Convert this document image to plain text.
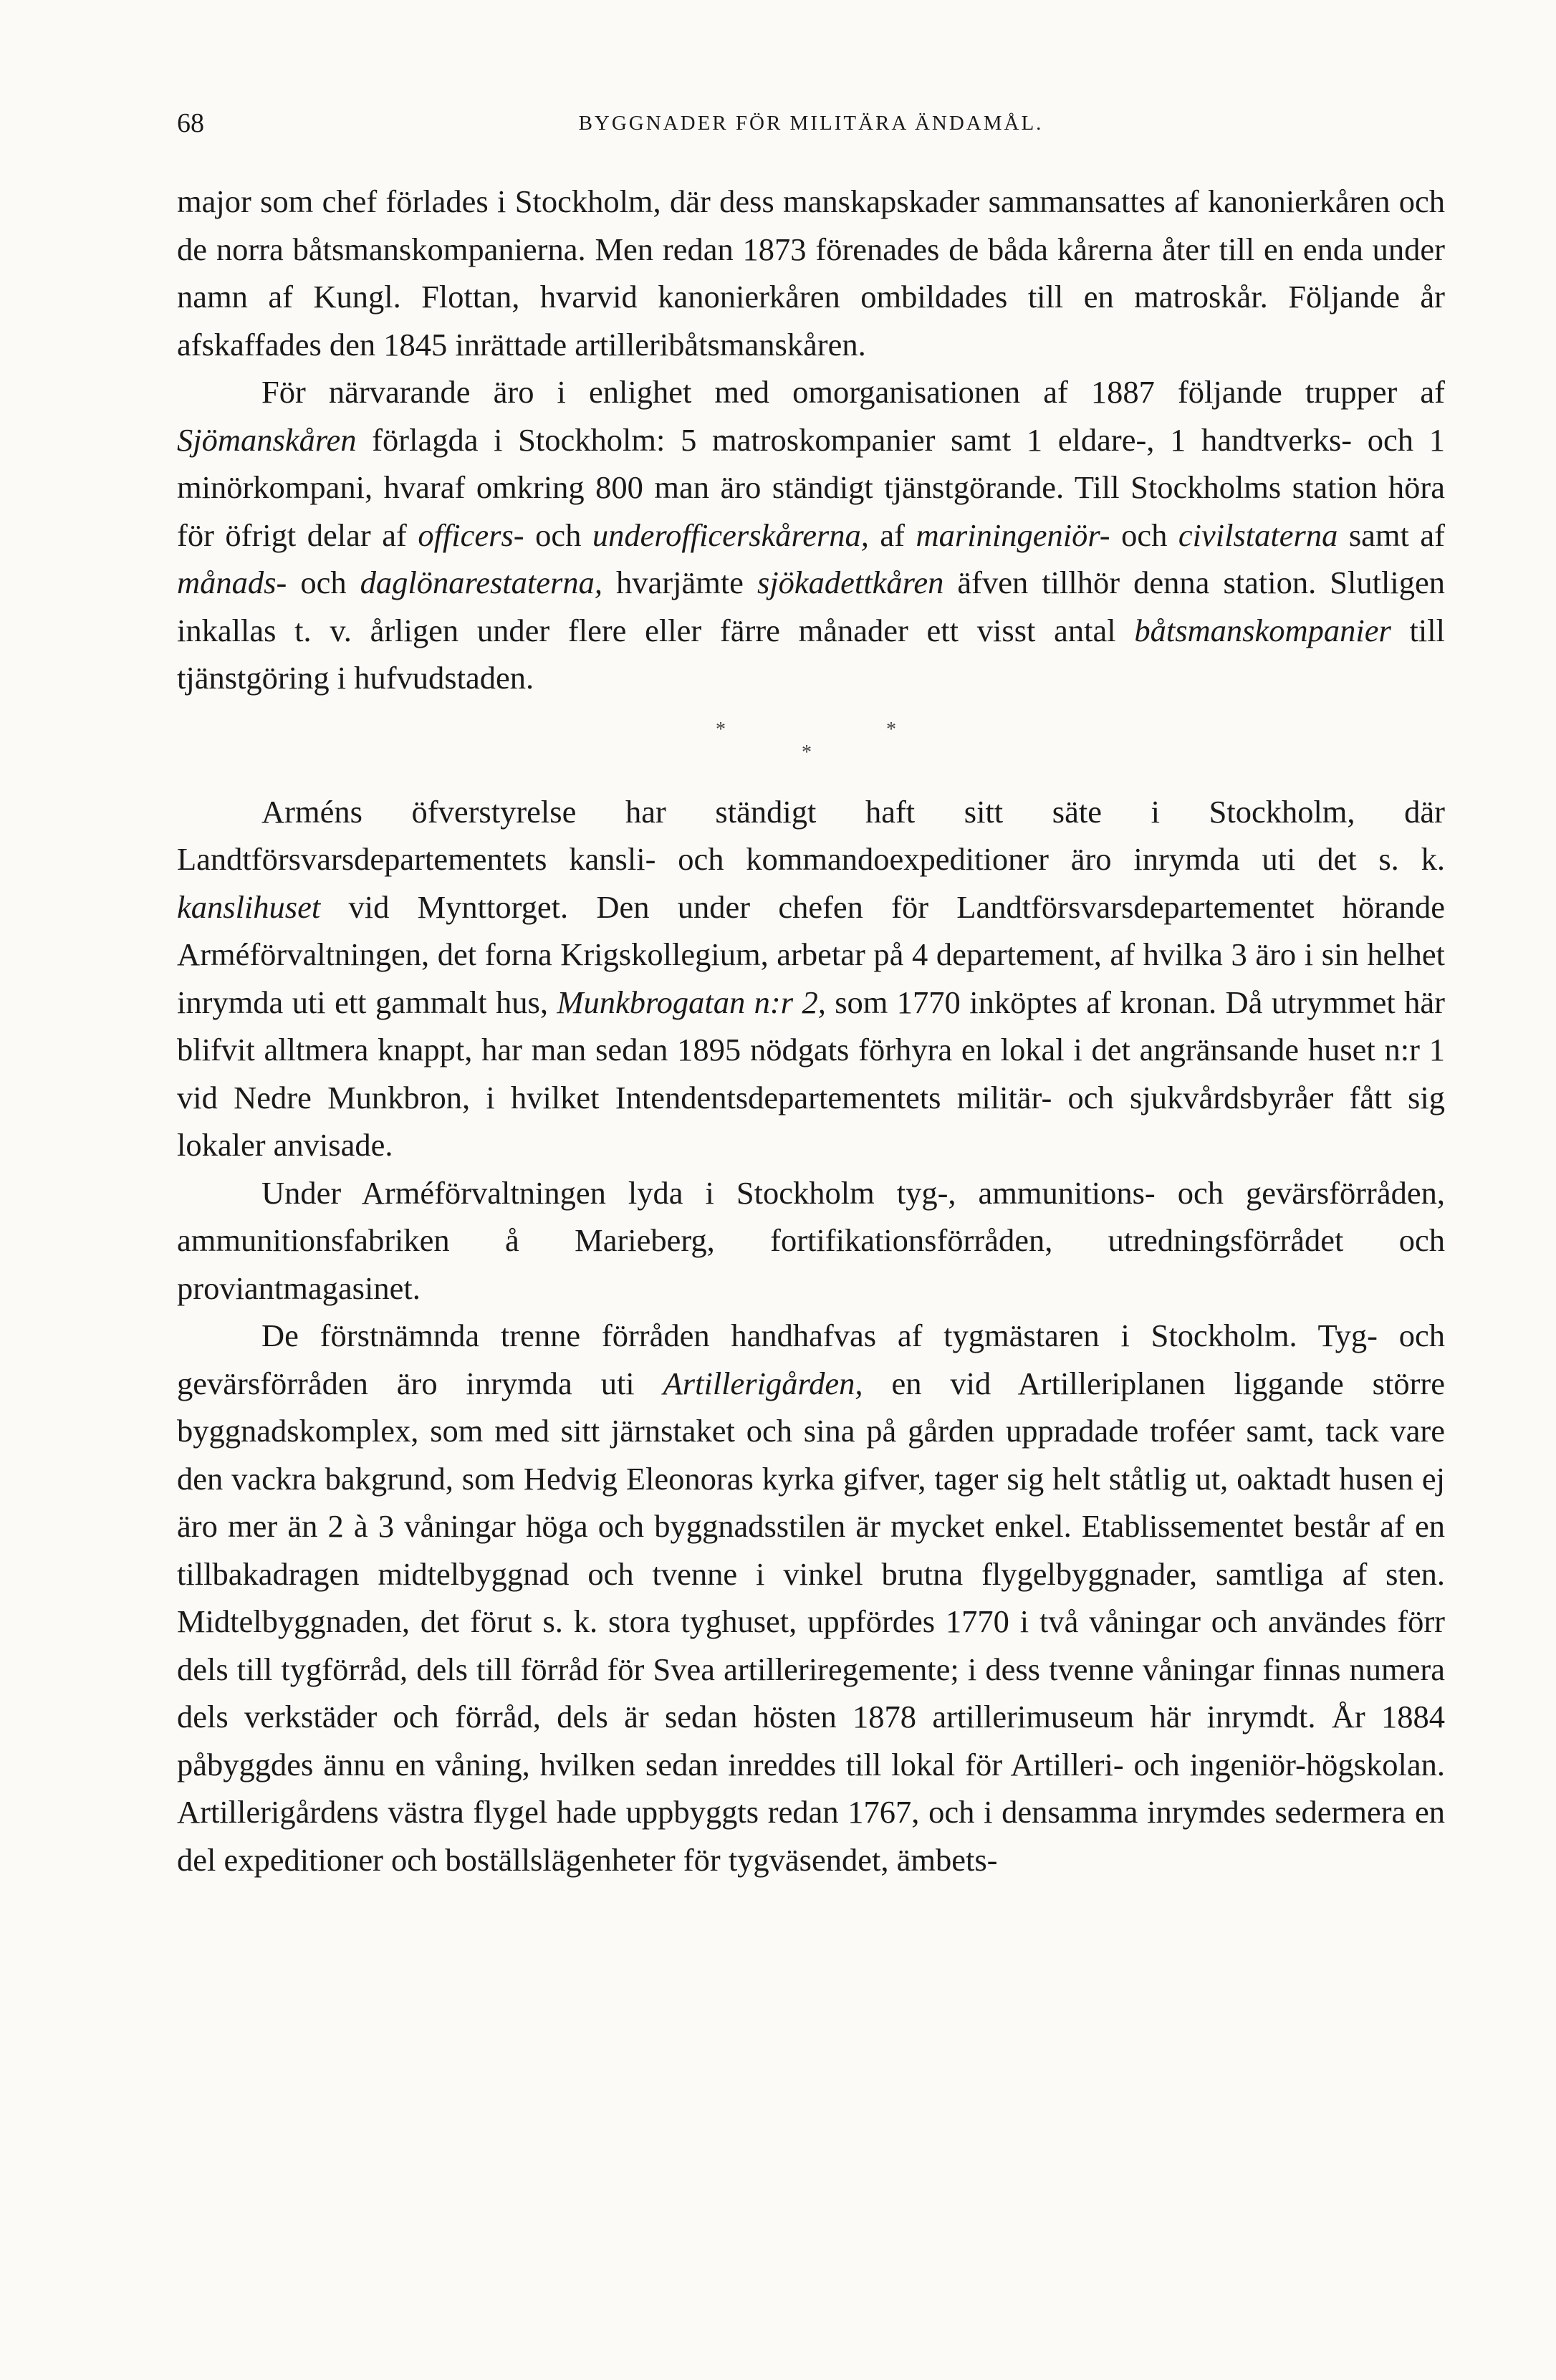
68	BYGGNADER FÖR MILITÄRA ÄNDAMÅL.

major som chef förlades i Stockholm, där dess manskapskader sammansattes af kanonierkåren och de norra båtsmanskompanierna. Men redan 1873 förenades de båda kårerna åter till en enda under namn af Kungl. Flottan, hvarvid kanonierkåren ombildades till en matroskår. Följande år afskaffades den 1845 inrättade artilleribåtsmanskåren.

För närvarande äro i enlighet med omorganisationen af 1887 följande trupper af Sjömanskåren förlagda i Stockholm: 5 matroskompanier samt 1 eldare-, 1 handtverks- och 1 minörkompani, hvaraf omkring 800 man äro ständigt tjänstgörande. Till Stockholms station höra för öfrigt delar af officers- och underofficerskårerna, af mariningeniör- och civilstaterna samt af månads- och daglönarestaterna, hvarjämte sjökadettkåren äfven tillhör denna station. Slutligen inkallas t. v. årligen under flere eller färre månader ett visst antal båtsmanskompanier till tjänstgöring i hufvudstaden.

*	*
*

Arméns öfverstyrelse har ständigt haft sitt säte i Stockholm, där Landtförsvarsdepartementets kansli- och kommandoexpeditioner äro inrymda uti det s. k. kanslihuset vid Mynttorget. Den under chefen för Landtförsvarsdepartementet hörande Arméförvaltningen, det forna Krigskollegium, arbetar på 4 departement, af hvilka 3 äro i sin helhet inrymda uti ett gammalt hus, Munkbrogatan n:r 2, som 1770 inköptes af kronan. Då utrymmet här blifvit alltmera knappt, har man sedan 1895 nödgats förhyra en lokal i det angränsande huset n:r 1 vid Nedre Munkbron, i hvilket Intendentsdepartementets militär- och sjukvårdsbyråer fått sig lokaler anvisade.

Under Arméförvaltningen lyda i Stockholm tyg-, ammunitions- och gevärsförråden, ammunitionsfabriken å Marieberg, fortifikationsförråden, utredningsförrådet och proviantmagasinet.

De förstnämnda trenne förråden handhafvas af tygmästaren i Stockholm. Tyg- och gevärsförråden äro inrymda uti Artillerigården, en vid Artilleriplanen liggande större byggnadskomplex, som med sitt järnstaket och sina på gården uppradade troféer samt, tack vare den vackra bakgrund, som Hedvig Eleonoras kyrka gifver, tager sig helt ståtlig ut, oaktadt husen ej äro mer än 2 à 3 våningar höga och byggnadsstilen är mycket enkel. Etablissementet består af en tillbakadragen midtelbyggnad och tvenne i vinkel brutna flygelbyggnader, samtliga af sten. Midtelbyggnaden, det förut s. k. stora tyghuset, uppfördes 1770 i två våningar och användes förr dels till tygförråd, dels till förråd för Svea artilleriregemente; i dess tvenne våningar finnas numera dels verkstäder och förråd, dels är sedan hösten 1878 artillerimuseum här inrymdt. År 1884 påbyggdes ännu en våning, hvilken sedan inreddes till lokal för Artilleri- och ingeniör-högskolan. Artillerigårdens västra flygel hade uppbyggts redan 1767, och i densamma inrymdes sedermera en del expeditioner och boställslägenheter för tygväsendet, ämbets-
